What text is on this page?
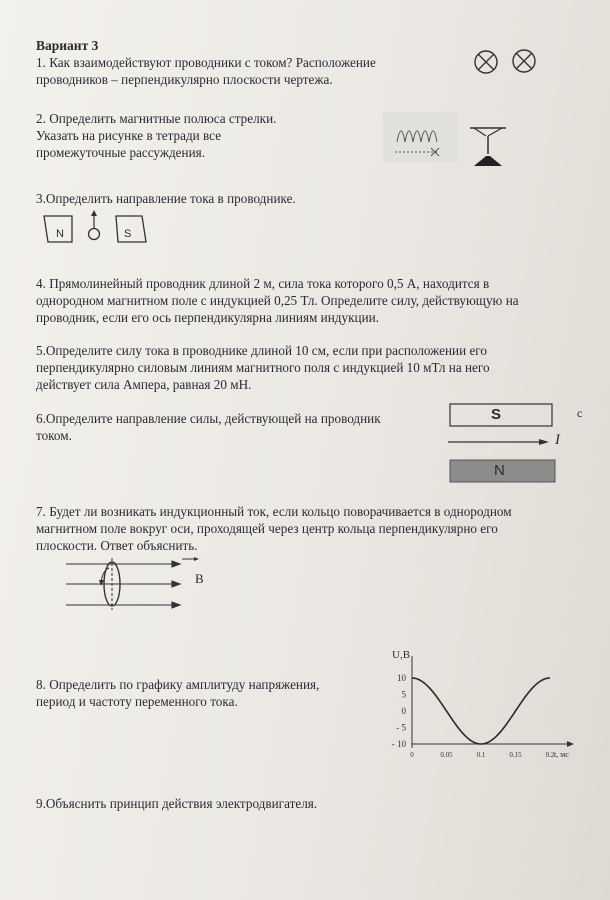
Вариант 3
1. Как взаимодействуют проводники с током? Расположение
проводников – перпендикулярно плоскости чертежа.
2. Определить магнитные полюса стрелки.
Указать на рисунке в тетради все
промежуточные рассуждения.
3.Определить направление тока в проводнике.
N	S
4. Прямолинейный проводник длиной 2 м, сила тока которого 0,5 А, находится в
однородном магнитном поле с индукцией 0,25 Тл. Определите силу, действующую на
проводник, если его ось перпендикулярна линиям индукции.
5.Определите силу тока в проводнике длиной 10 см, если при расположении его
перпендикулярно силовым линиям магнитного поля с индукцией 10 мТл на него
действует сила Ампера, равная 20 мН.
6.Определите направление силы, действующей на проводник
током.
S
I
N
с
7. Будет ли возникать индукционный ток, если кольцо поворачивается в однородном
магнитном поле вокруг оси, проходящей через центр кольца перпендикулярно его
плоскости. Ответ объяснить.
B
8. Определить по графику амплитуду напряжения,
период и частоту переменного тока.
U,B
t, мс
10
5
0
- 5
- 10
0	0.05	0.1	0.15	0.2
9.Объяснить принцип действия электродвигателя.
